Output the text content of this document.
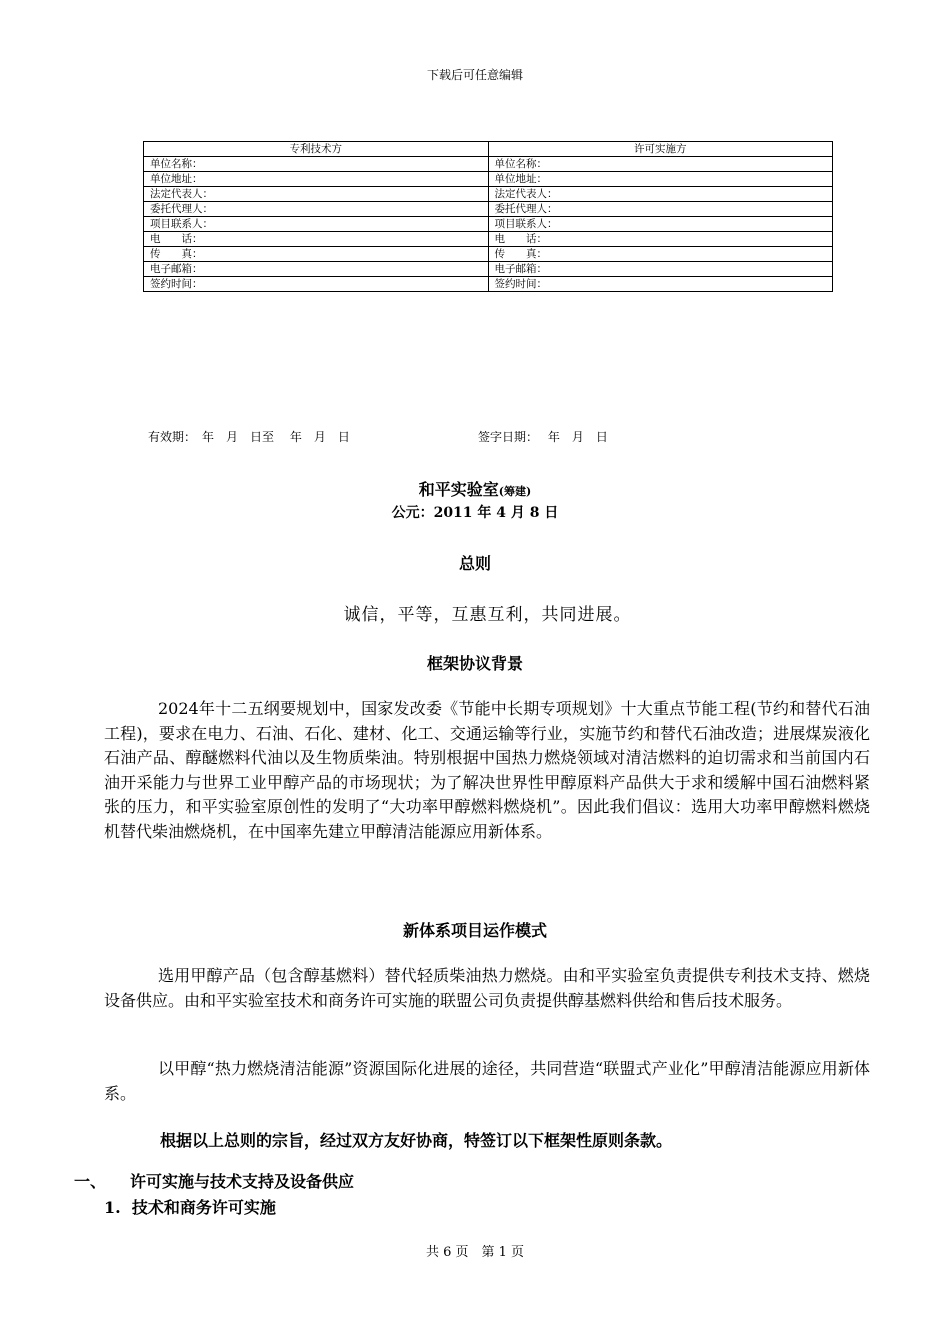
下载后可任意编辑
专利技术方	许可实施方
单位名称：	单位名称：
单位地址：	单位地址：
法定代表人：	法定代表人：
委托代理人：	委托代理人：
项目联系人：	项目联系人：
电　　话：	电　　话：
传　　真：	传　　真：
电子邮箱：	电子邮箱：
签约时间：	签约时间：
有效期：　年　月　日至　 年　月　日	签字日期：　 年　月　日
和平实验室(筹建)
公元：2011 年 4 月 8 日
总则
诚信，平等，互惠互利，共同进展。
框架协议背景
2024年十二五纲要规划中，国家发改委《节能中长期专项规划》十大重点节能工程(节约和替代石油工程)，要求在电力、石油、石化、建材、化工、交通运输等行业，实施节约和替代石油改造；进展煤炭液化石油产品、醇醚燃料代油以及生物质柴油。特别根据中国热力燃烧领域对清洁燃料的迫切需求和当前国内石油开采能力与世界工业甲醇产品的市场现状；为了解决世界性甲醇原料产品供大于求和缓解中国石油燃料紧张的压力，和平实验室原创性的发明了“大功率甲醇燃料燃烧机”。因此我们倡议：选用大功率甲醇燃料燃烧机替代柴油燃烧机，在中国率先建立甲醇清洁能源应用新体系。
新体系项目运作模式
选用甲醇产品（包含醇基燃料）替代轻质柴油热力燃烧。由和平实验室负责提供专利技术支持、燃烧设备供应。由和平实验室技术和商务许可实施的联盟公司负责提供醇基燃料供给和售后技术服务。
以甲醇“热力燃烧清洁能源”资源国际化进展的途径，共同营造“联盟式产业化”甲醇清洁能源应用新体系。
根据以上总则的宗旨，经过双方友好协商，特签订以下框架性原则条款。
一、 许可实施与技术支持及设备供应
1.  技术和商务许可实施
共 6 页　第 1 页
